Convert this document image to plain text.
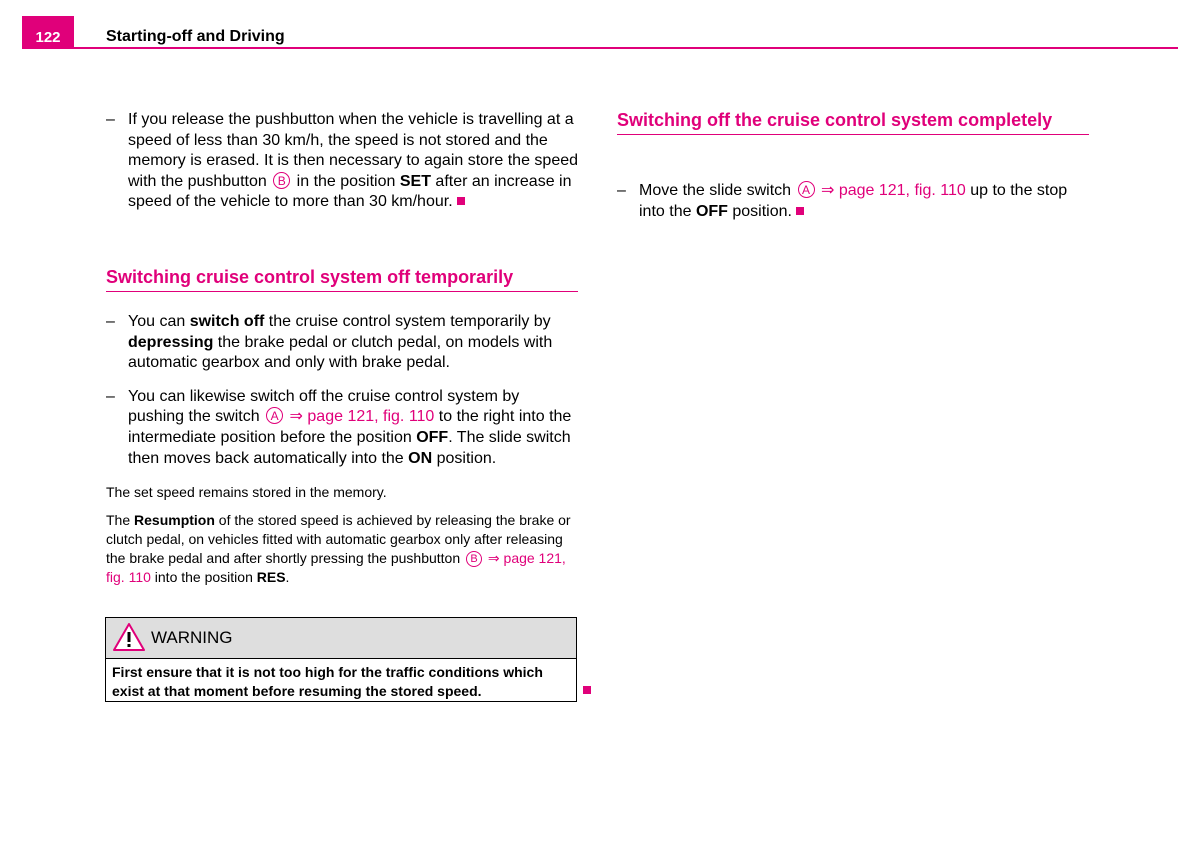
122	Starting-off and Driving
– If you release the pushbutton when the vehicle is travelling at a speed of less than 30 km/h, the speed is not stored and the memory is erased. It is then necessary to again store the speed with the pushbutton B in the position SET after an increase in speed of the vehicle to more than 30 km/hour.
Switching cruise control system off temporarily
– You can switch off the cruise control system temporarily by depressing the brake pedal or clutch pedal, on models with automatic gearbox and only with brake pedal.
– You can likewise switch off the cruise control system by pushing the switch A ⇒ page 121, fig. 110 to the right into the intermediate position before the position OFF. The slide switch then moves back automatically into the ON position.
The set speed remains stored in the memory.
The Resumption of the stored speed is achieved by releasing the brake or clutch pedal, on vehicles fitted with automatic gearbox only after releasing the brake pedal and after shortly pressing the pushbutton B ⇒ page 121, fig. 110 into the position RES.
WARNING
First ensure that it is not too high for the traffic conditions which exist at that moment before resuming the stored speed.
Switching off the cruise control system completely
– Move the slide switch A ⇒ page 121, fig. 110 up to the stop into the OFF position.
